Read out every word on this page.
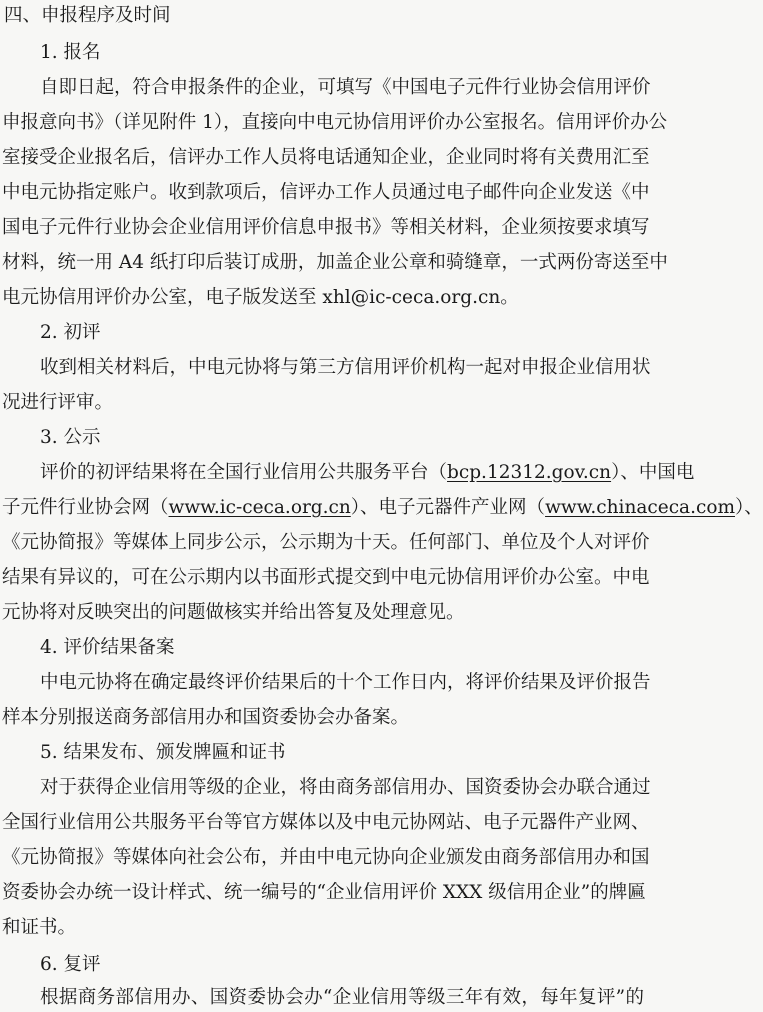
四、申报程序及时间
1. 报名
自即日起，符合申报条件的企业，可填写《中国电子元件行业协会信用评价
申报意向书》（详见附件 1），直接向中电元协信用评价办公室报名。信用评价办公
室接受企业报名后，信评办工作人员将电话通知企业，企业同时将有关费用汇至
中电元协指定账户。收到款项后，信评办工作人员通过电子邮件向企业发送《中
国电子元件行业协会企业信用评价信息申报书》等相关材料，企业须按要求填写
材料，统一用 A4 纸打印后装订成册，加盖企业公章和骑缝章，一式两份寄送至中
电元协信用评价办公室，电子版发送至 xhl@ic-ceca.org.cn。
2. 初评
收到相关材料后，中电元协将与第三方信用评价机构一起对申报企业信用状
况进行评审。
3. 公示
评价的初评结果将在全国行业信用公共服务平台（bcp.12312.gov.cn）、中国电
子元件行业协会网（www.ic-ceca.org.cn）、电子元器件产业网（www.chinaceca.com）、
《元协简报》等媒体上同步公示，公示期为十天。任何部门、单位及个人对评价
结果有异议的，可在公示期内以书面形式提交到中电元协信用评价办公室。中电
元协将对反映突出的问题做核实并给出答复及处理意见。
4. 评价结果备案
中电元协将在确定最终评价结果后的十个工作日内，将评价结果及评价报告
样本分别报送商务部信用办和国资委协会办备案。
5. 结果发布、颁发牌匾和证书
对于获得企业信用等级的企业，将由商务部信用办、国资委协会办联合通过
全国行业信用公共服务平台等官方媒体以及中电元协网站、电子元器件产业网、
《元协简报》等媒体向社会公布，并由中电元协向企业颁发由商务部信用办和国
资委协会办统一设计样式、统一编号的“企业信用评价 XXX 级信用企业”的牌匾
和证书。
6. 复评
根据商务部信用办、国资委协会办“企业信用等级三年有效，每年复评”的
